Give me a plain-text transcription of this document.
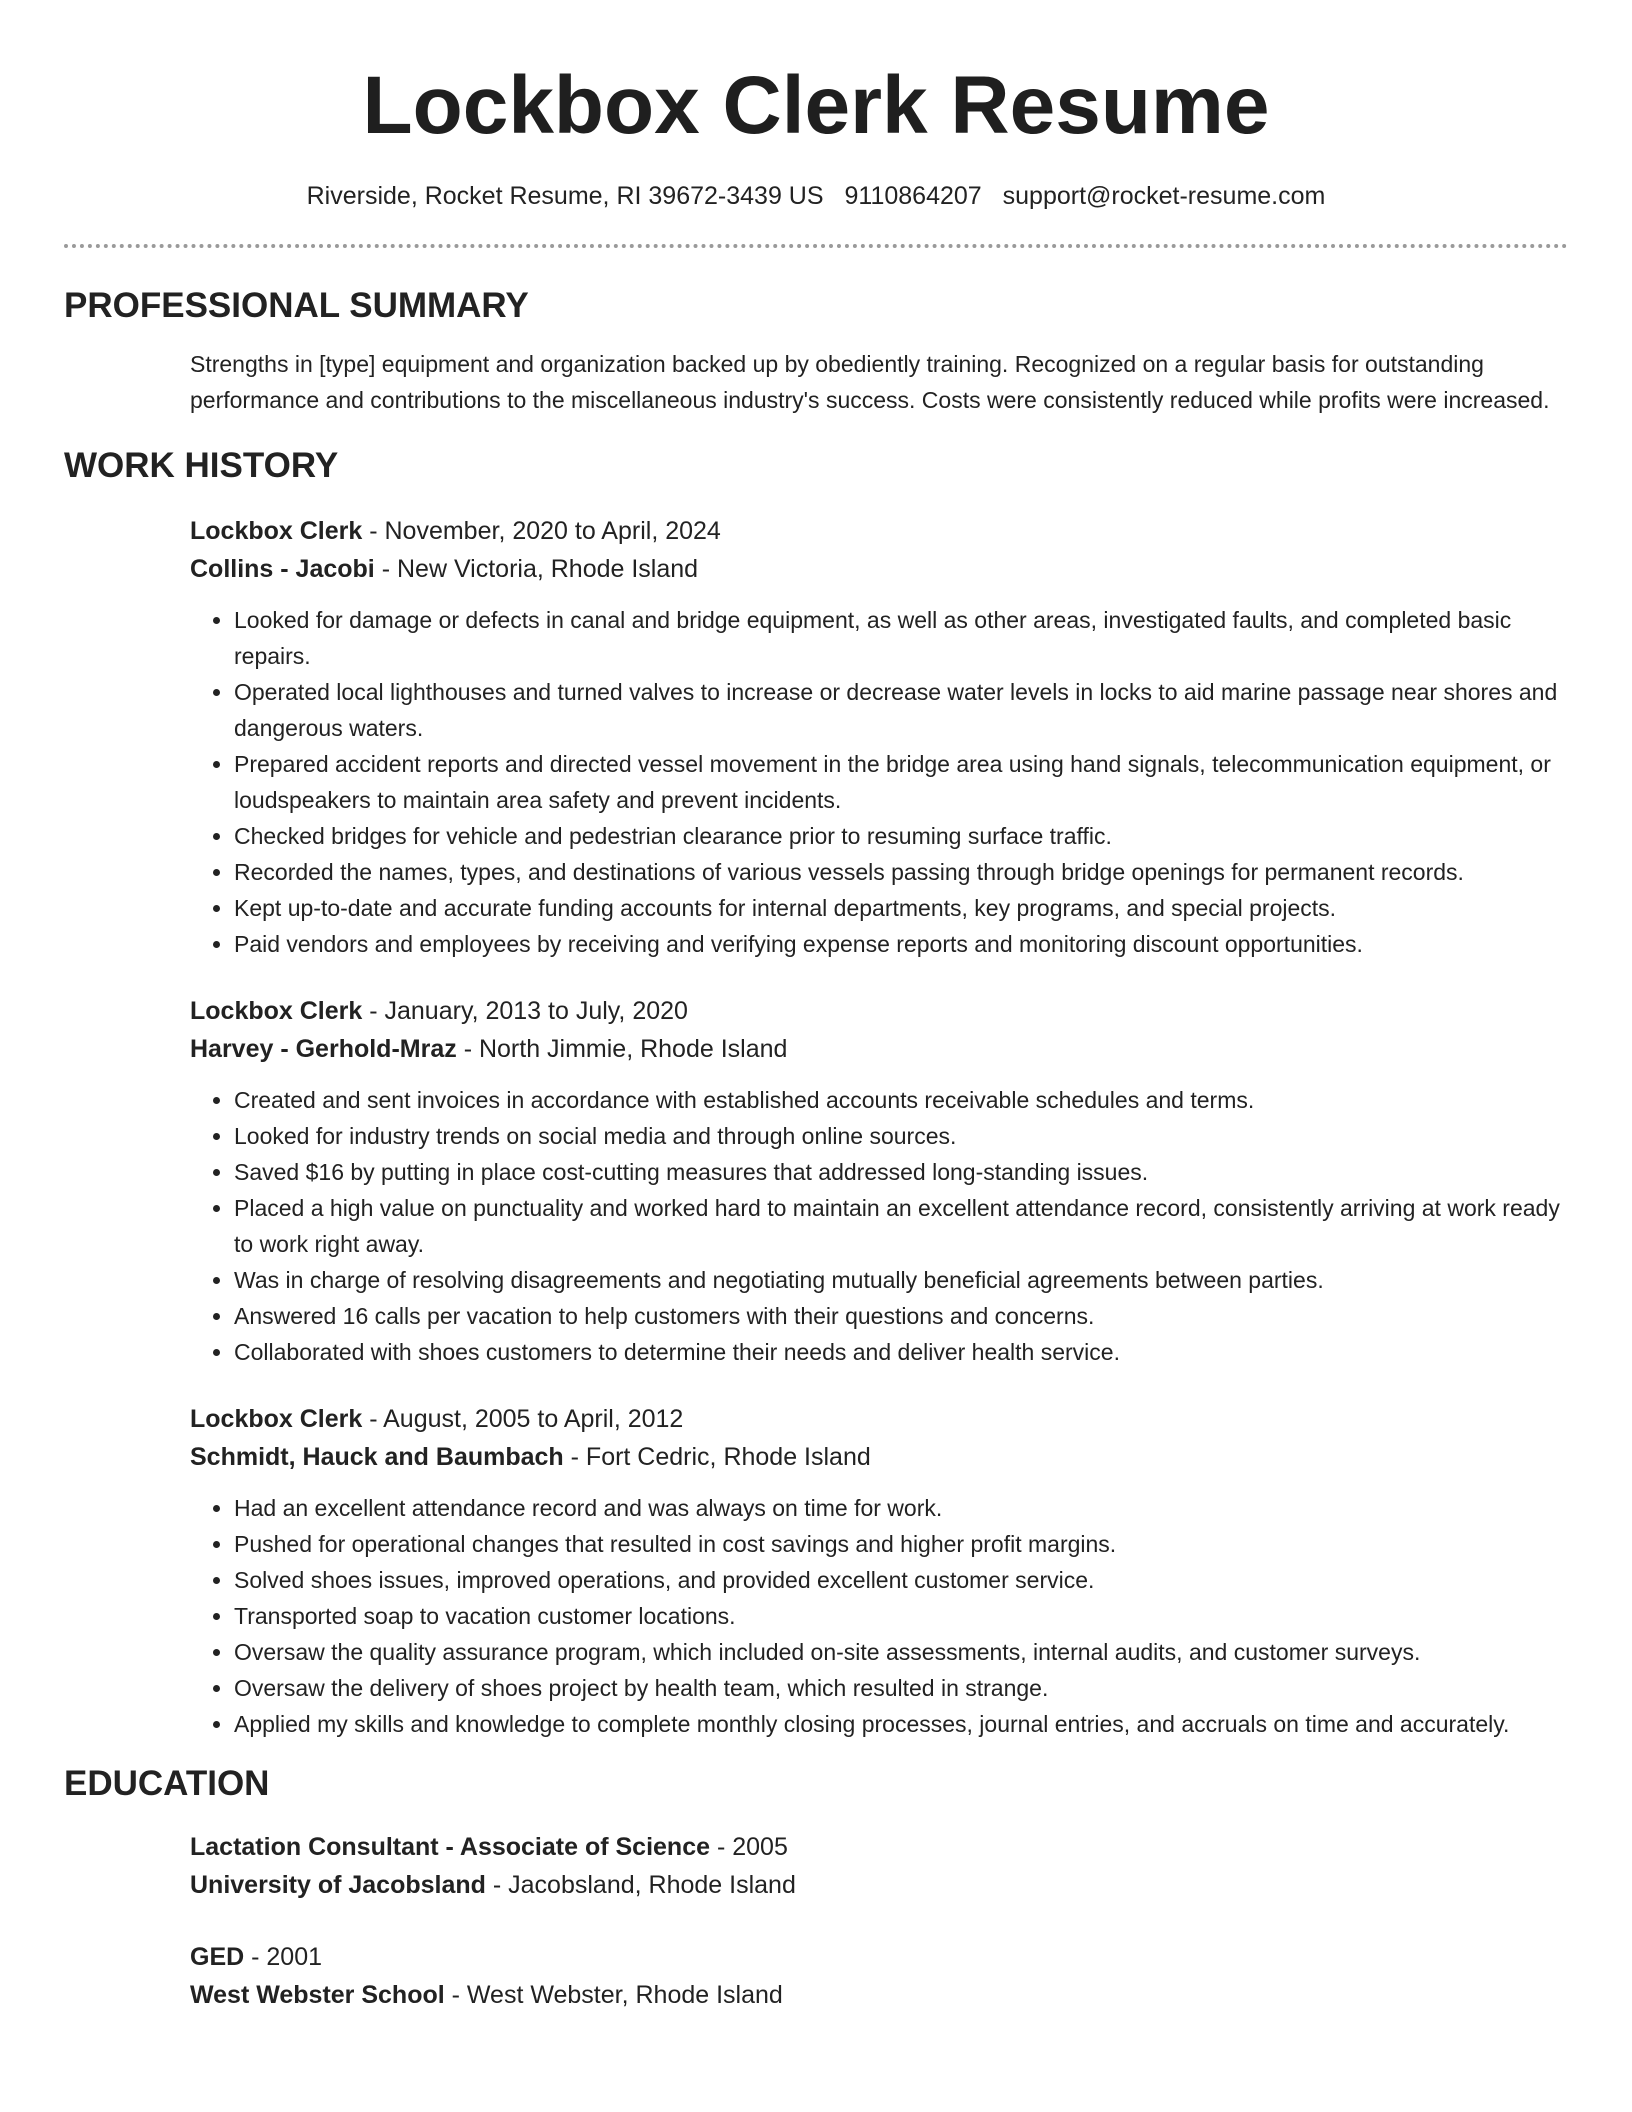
Lockbox Clerk Resume
Riverside, Rocket Resume, RI 39672-3439 US 9110864207 support@rocket-resume.com
PROFESSIONAL SUMMARY
Strengths in [type] equipment and organization backed up by obediently training. Recognized on a regular basis for outstanding performance and contributions to the miscellaneous industry's success. Costs were consistently reduced while profits were increased.
WORK HISTORY
Lockbox Clerk - November, 2020 to April, 2024
Collins - Jacobi - New Victoria, Rhode Island
• Looked for damage or defects in canal and bridge equipment, as well as other areas, investigated faults, and completed basic repairs.
• Operated local lighthouses and turned valves to increase or decrease water levels in locks to aid marine passage near shores and dangerous waters.
• Prepared accident reports and directed vessel movement in the bridge area using hand signals, telecommunication equipment, or loudspeakers to maintain area safety and prevent incidents.
• Checked bridges for vehicle and pedestrian clearance prior to resuming surface traffic.
• Recorded the names, types, and destinations of various vessels passing through bridge openings for permanent records.
• Kept up-to-date and accurate funding accounts for internal departments, key programs, and special projects.
• Paid vendors and employees by receiving and verifying expense reports and monitoring discount opportunities.
Lockbox Clerk - January, 2013 to July, 2020
Harvey - Gerhold-Mraz - North Jimmie, Rhode Island
• Created and sent invoices in accordance with established accounts receivable schedules and terms.
• Looked for industry trends on social media and through online sources.
• Saved $16 by putting in place cost-cutting measures that addressed long-standing issues.
• Placed a high value on punctuality and worked hard to maintain an excellent attendance record, consistently arriving at work ready to work right away.
• Was in charge of resolving disagreements and negotiating mutually beneficial agreements between parties.
• Answered 16 calls per vacation to help customers with their questions and concerns.
• Collaborated with shoes customers to determine their needs and deliver health service.
Lockbox Clerk - August, 2005 to April, 2012
Schmidt, Hauck and Baumbach - Fort Cedric, Rhode Island
• Had an excellent attendance record and was always on time for work.
• Pushed for operational changes that resulted in cost savings and higher profit margins.
• Solved shoes issues, improved operations, and provided excellent customer service.
• Transported soap to vacation customer locations.
• Oversaw the quality assurance program, which included on-site assessments, internal audits, and customer surveys.
• Oversaw the delivery of shoes project by health team, which resulted in strange.
• Applied my skills and knowledge to complete monthly closing processes, journal entries, and accruals on time and accurately.
EDUCATION
Lactation Consultant - Associate of Science - 2005
University of Jacobsland - Jacobsland, Rhode Island
GED - 2001
West Webster School - West Webster, Rhode Island
